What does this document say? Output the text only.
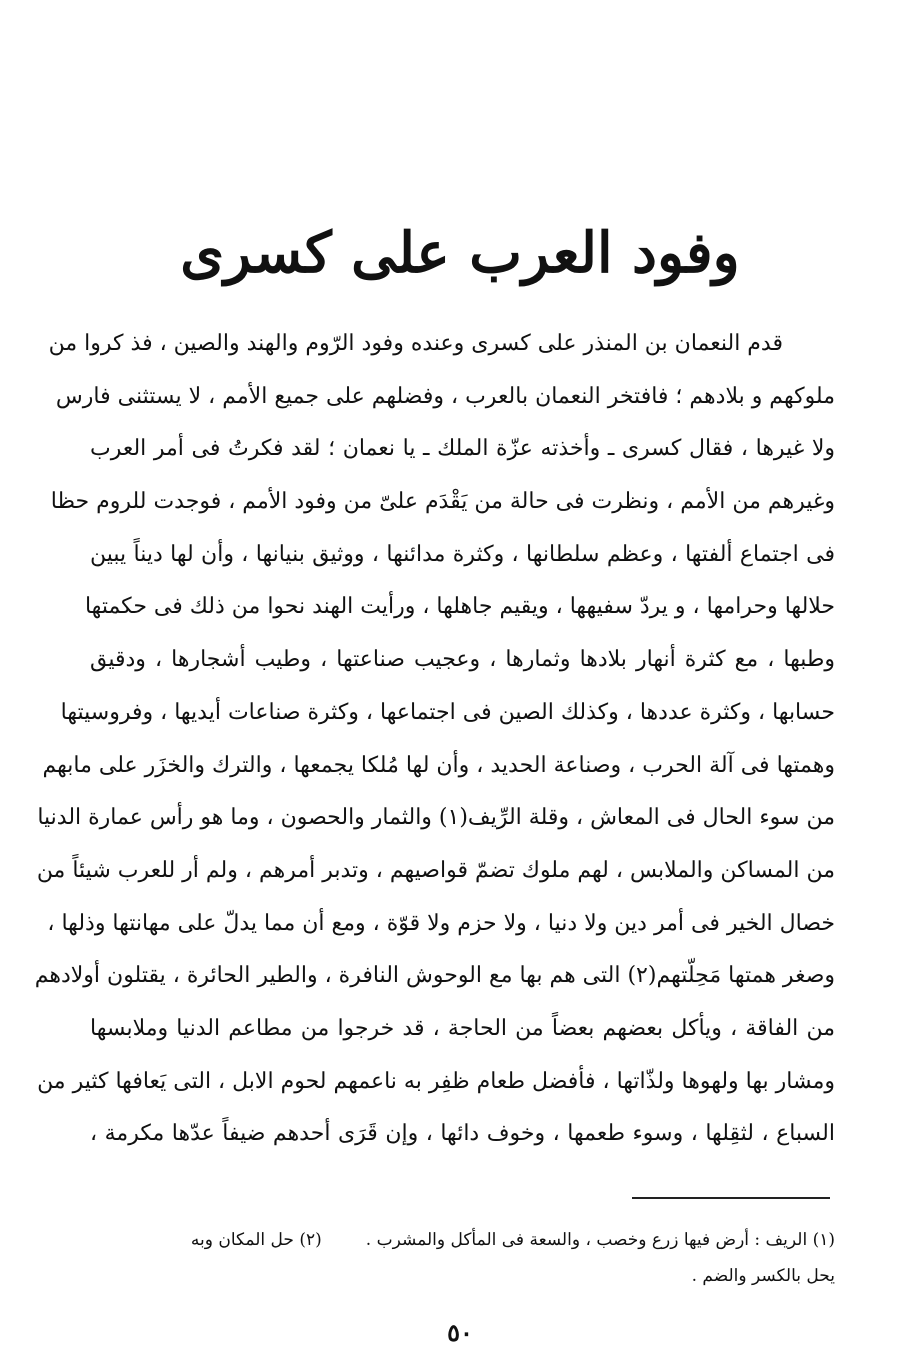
وفود العرب على كسرى
قدم النعمان بن المنذر على كسرى وعنده وفود الرّوم والهند والصين ، فذ كروا من
ملوكهم و بلادهم ؛ فافتخر النعمان بالعرب ، وفضلهم على جميع الأمم ، لا يستثنى فارس
ولا غيرها ، فقال كسرى ـ وأخذته عزّة الملك ـ يا نعمان ؛ لقد فكرتُ فى أمر العرب
وغيرهم من الأمم ، ونظرت فى حالة من يَقْدَم علىّ من وفود الأمم ، فوجدت للروم حظا
فى اجتماع ألفتها ، وعظم سلطانها ، وكثرة مدائنها ، ووثيق بنيانها ، وأن لها ديناً يبين
حلالها وحرامها ، و يردّ سفيهها ، ويقيم جاهلها ، ورأيت الهند نحوا من ذلك فى حكمتها
وطبها ، مع كثرة أنهار بلادها وثمارها ، وعجيب صناعتها ، وطيب أشجارها ، ودقيق
حسابها ، وكثرة عددها ، وكذلك الصين فى اجتماعها ، وكثرة صناعات أيديها ، وفروسيتها
وهمتها فى آلة الحرب ، وصناعة الحديد ، وأن لها مُلكا يجمعها ، والترك والخزَر على مابهم
من سوء الحال فى المعاش ، وقلة الرِّيف(١) والثمار والحصون ، وما هو رأس عمارة الدنيا
من المساكن والملابس ، لهم ملوك تضمّ قواصيهم ، وتدبر أمرهم ، ولم أر للعرب شيئاً من
خصال الخير فى أمر دين ولا دنيا ، ولا حزم ولا قوّة ، ومع أن مما يدلّ على مهانتها وذلها ،
وصغر همتها مَحِلّتهم(٢) التى هم بها مع الوحوش النافرة ، والطير الحائرة ، يقتلون أولادهم
من الفاقة ، ويأكل بعضهم بعضاً من الحاجة ، قد خرجوا من مطاعم الدنيا وملابسها
ومشار بها ولهوها ولذّاتها ، فأفضل طعام ظفِر به ناعمهم لحوم الابل ، التى يَعافها كثير من
السباع ، لثقِلها ، وسوء طعمها ، وخوف دائها ، وإن قَرَى أحدهم ضيفاً عدّها مكرمة ،
(١) الريف : أرض فيها زرع وخصب ، والسعة فى المأكل والمشرب .(٢) حل المكان وبه
يحل بالكسر والضم .
٥٠
